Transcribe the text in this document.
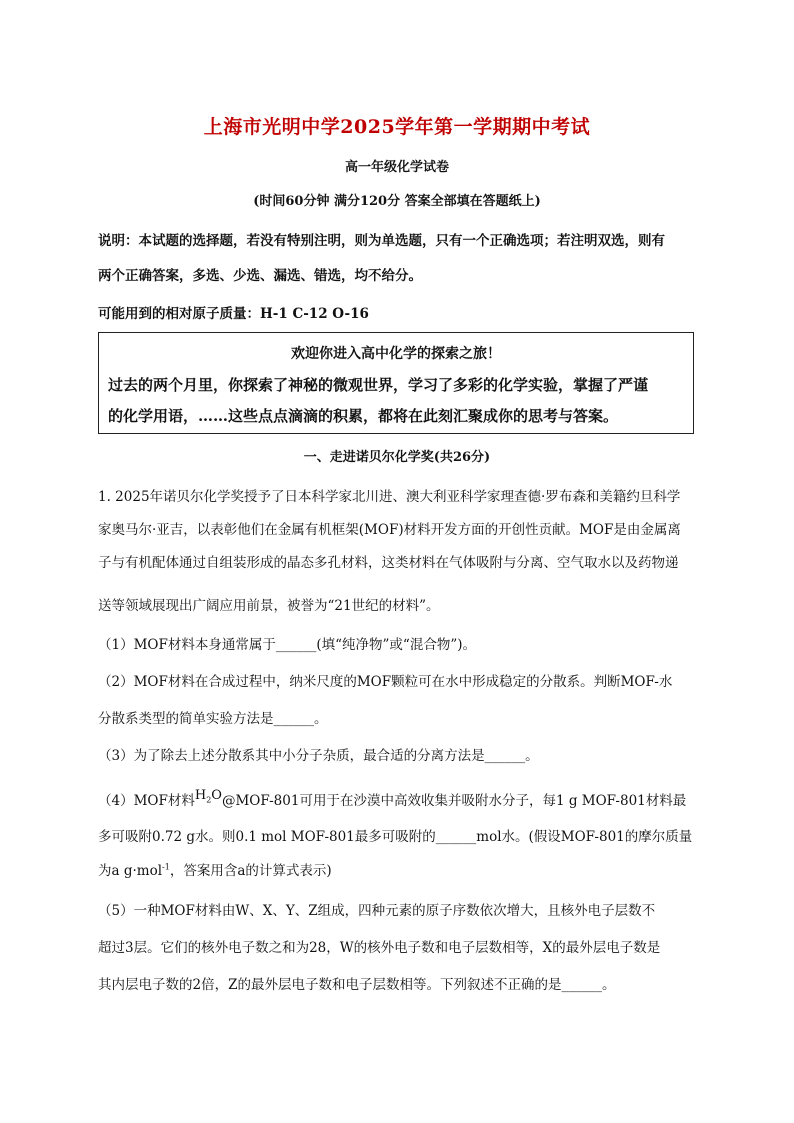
上海市光明中学2025学年第一学期期中考试
高一年级化学试卷
(时间60分钟 满分120分 答案全部填在答题纸上)
说明：本试题的选择题，若没有特别注明，则为单选题，只有一个正确选项；若注明双选，则有
两个正确答案，多选、少选、漏选、错选，均不给分。
可能用到的相对原子质量：H-1 C-12 O-16
欢迎你进入高中化学的探索之旅！
过去的两个月里，你探索了神秘的微观世界，学习了多彩的化学实验，掌握了严谨
的化学用语，……这些点点滴滴的积累，都将在此刻汇聚成你的思考与答案。
一、走进诺贝尔化学奖(共26分)
1. 2025年诺贝尔化学奖授予了日本科学家北川进、澳大利亚科学家理查德·罗布森和美籍约旦科学
家奥马尔·亚吉，以表彰他们在金属有机框架(MOF)材料开发方面的开创性贡献。MOF是由金属离
子与有机配体通过自组装形成的晶态多孔材料，这类材料在气体吸附与分离、空气取水以及药物递
送等领域展现出广阔应用前景，被誉为“21世纪的材料”。
（1）MOF材料本身通常属于______(填“纯净物”或“混合物”)。
（2）MOF材料在合成过程中，纳米尺度的MOF颗粒可在水中形成稳定的分散系。判断MOF-水
分散系类型的简单实验方法是______。
（3）为了除去上述分散系其中小分子杂质，最合适的分离方法是______。
（4）MOF材料$H_2O@MOF-801$可用于在沙漠中高效收集并吸附水分子，每1 g MOF-801材料最
多可吸附0.72 g水。则0.1 mol MOF-801最多可吸附的______mol水。(假设MOF-801的摩尔质量
为a g·mol$^{-1}$，答案用含a的计算式表示)
（5）一种MOF材料由W、X、Y、Z组成，四种元素的原子序数依次增大，且核外电子层数不
超过3层。它们的核外电子数之和为28，W的核外电子数和电子层数相等，X的最外层电子数是
其内层电子数的2倍，Z的最外层电子数和电子层数相等。下列叙述不正确的是______。
